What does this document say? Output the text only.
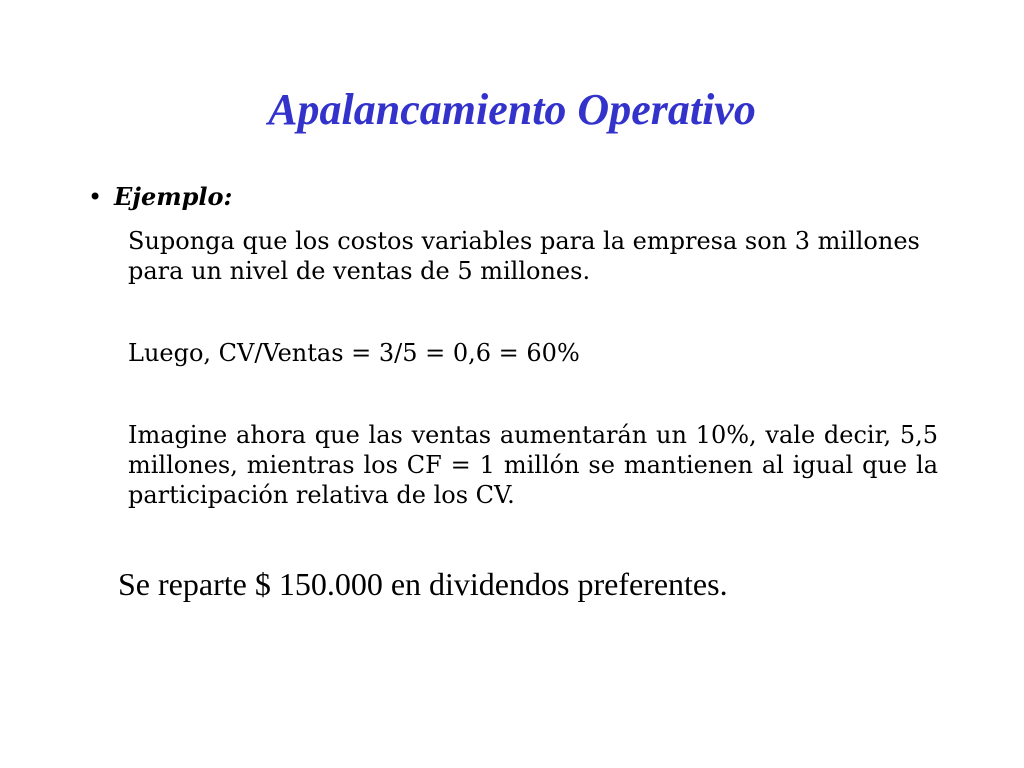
Apalancamiento Operativo
• Ejemplo:

Suponga que los costos variables para la empresa son 3 millones para un nivel de ventas de 5 millones.

Luego, CV/Ventas = 3/5 = 0,6 = 60%

Imagine ahora que las ventas aumentarán un 10%, vale decir, 5,5 millones, mientras los CF = 1 millón se mantienen al igual que la participación relativa de los CV.

Se reparte $ 150.000 en dividendos preferentes.
